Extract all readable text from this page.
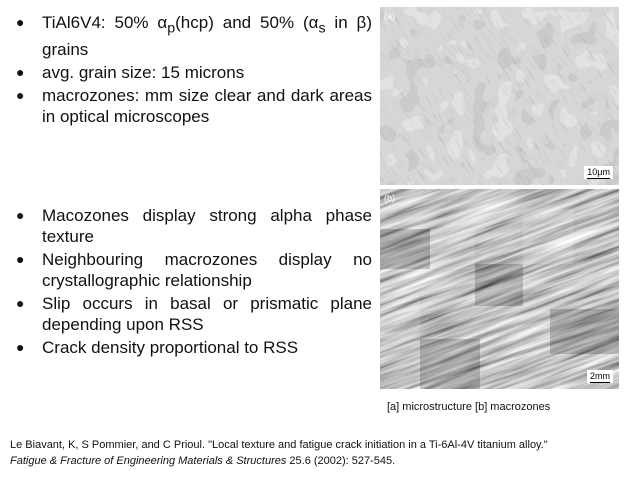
● TiAl6V4: 50% $\alpha_p(hcp)$ and 50% ($\alpha_s$ in β) grains
● avg. grain size: 15 microns
● macrozones: mm size clear and dark areas in optical microscopes
● Macozones display strong alpha phase texture
● Neighbouring macrozones display no crystallographic relationship
● Slip occurs in basal or prismatic plane depending upon RSS
● Crack density proportional to RSS
(a)
10μm
(b)
2mm
[a] microstructure [b] macrozones
Le Biavant, K, S Pommier, and C Prioul. "Local texture and fatigue crack initiation in a Ti-6Al-4V titanium alloy."
Fatigue & Fracture of Engineering Materials & Structures 25.6 (2002): 527-545.
